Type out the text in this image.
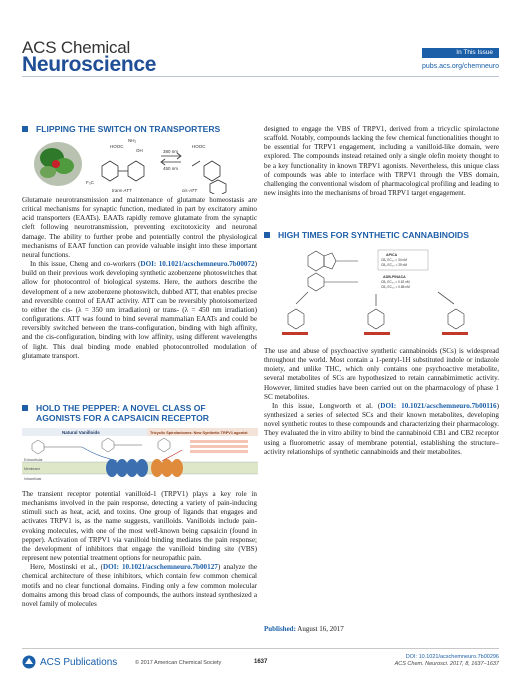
ACS Chemical
Neuroscience
In This Issue
pubs.acs.org/chemneuro
FLIPPING THE SWITCH ON TRANSPORTERS
HOOC
NH₂
OH
F₃C
380 nm
450 nm
HOOC
trans-ATT	cis-ATT

Glutamate neurotransmission and maintenance of glutamate homeostasis are critical mechanisms for synaptic function, mediated in part by excitatory amino acid transporters (EAATs). EAATs rapidly remove glutamate from the synaptic cleft following neurotransmission, preventing excitotoxicity and neuronal damage. The ability to further probe and potentially control the physiological mechanisms of EAAT function can provide valuable insight into these important neural functions.

In this issue, Cheng and co-workers (DOI: 10.1021/acschemneuro.7b00072) build on their previous work developing synthetic azobenzene photoswitches that allow for photocontrol of biological systems. Here, the authors describe the development of a new azobenzene photoswitch, dubbed ATT, that enables precise and reversible control of EAAT activity. ATT can be reversibly photoisomerized to either the cis- (λ = 350 nm irradiation) or trans- (λ = 450 nm irradiation) configurations. ATT was found to bind several mammalian EAATs and could be reversibly switched between the trans-configuration, binding with high affinity, and the cis-configuration, binding with low affinity, using different wavelengths of light. This dual binding mode enabled photocontrolled modulation of glutamate transport.

HOLD THE PEPPER: A NOVEL CLASS OF
AGONISTS FOR A CAPSAICIN RECEPTOR
Natural Vanilloids	Tricyclic Spirolactones: New Synthetic TRPV1 agonist
Extracellular
Membrane
Intracellular

The transient receptor potential vanilloid-1 (TRPV1) plays a key role in mechanisms involved in the pain response, detecting a variety of pain-inducing stimuli such as heat, acid, and toxins. One group of ligands that engages and activates TRPV1 is, as the name suggests, vanilloids. Vanilloids include pain-evoking molecules, with one of the most well-known being capsaicin (found in pepper). Activation of TRPV1 via vanilloid binding mediates the pain response; the development of inhibitors that engage the vanilloid binding site (VBS) represent new potential treatment options for neuropathic pain.

Here, Mostinski et al., (DOI: 10.1021/acschemneuro.7b00127) analyze the chemical architecture of these inhibitors, which contain few common chemical motifs and no clear functional domains. Finding only a few common molecular domains among this broad class of compounds, the authors instead synthesized a novel family of molecules

designed to engage the VBS of TRPV1, derived from a tricyclic spirolactone scaffold. Notably, compounds lacking the few chemical functionalities thought to be essential for TRPV1 engagement, including a vanilloid-like domain, were explored. The compounds instead retained only a single olefin moiety thought to be a key functionality in known TRPV1 agonists. Nevertheless, this unique class of compounds was able to interface with TRPV1 through the VBS domain, challenging the conventional wisdom of pharmacological profiling and leading to new insights into the mechanisms of broad TRPV1 target engagement.

HIGH TIMES FOR SYNTHETIC CANNABINOIDS
APICA
CB₁ EC₅₀ = 34 nM
CB₂ EC₅₀ = 29 nM
ADB-PINACA
CB₁ EC₅₀ = 0.52 nM
CB₂ EC₅₀ = 0.88 nM

The use and abuse of psychoactive synthetic cannabinoids (SCs) is widespread throughout the world. Most contain a 1-pentyl-1H substituted indole or indazole moiety, and unlike THC, which only contains one psychoactive metabolite, several metabolites of SCs are hypothesized to retain cannabimimetic activity. However, limited studies have been carried out on the pharmacology of phase 1 SC metabolites.

In this issue, Longworth et al. (DOI: 10.1021/acschemneuro.7b00116) synthesized a series of selected SCs and their known metabolites, developing novel synthetic routes to these compounds and characterizing their pharmacology. They evaluated the in vitro ability to bind the cannabinoid CB1 and CB2 receptor using a fluorometric assay of membrane potential, establishing the structure–activity relationships of synthetic cannabinoids and their metabolites.

Published: August 16, 2017
ACS Publications	© 2017 American Chemical Society	1637
DOI: 10.1021/acschemneuro.7b00296
ACS Chem. Neurosci. 2017, 8, 1637−1637
